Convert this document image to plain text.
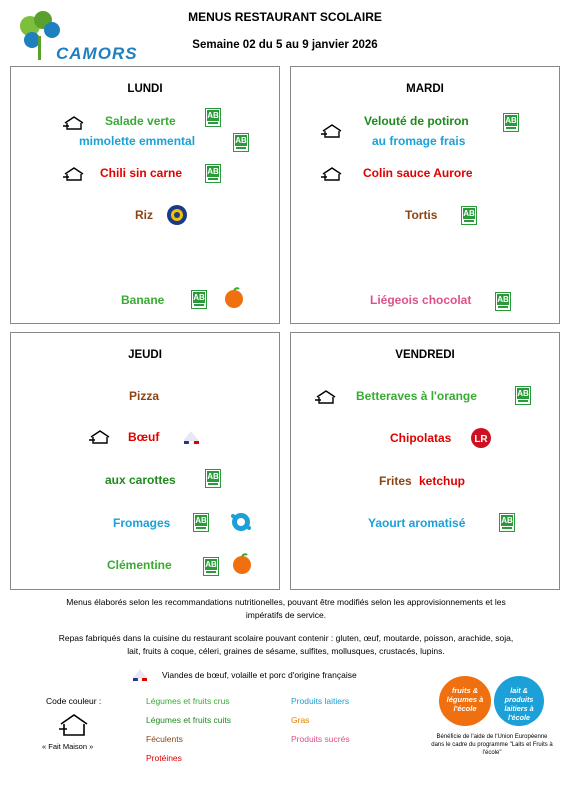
CAMORS
MENUS RESTAURANT SCOLAIRE
Semaine 02 du 5 au 9 janvier 2026
LUNDI
Salade verte	AB
mimolette emmental	AB
Chili sin carne	AB
Riz
Banane	AB
MARDI
Velouté de potiron	AB
au fromage frais
Colin sauce Aurore
Tortis	AB
Liégeois chocolat	AB
JEUDI
Pizza
Bœuf
aux carottes	AB
Fromages	AB
Clémentine	AB
VENDREDI
Betteraves à l'orange	AB
Chipolatas LR
Frites ketchup
Yaourt aromatisé	AB
Menus élaborés selon les recommandations nutritionelles, pouvant être modifiés selon les approvisionnements et les
impératifs de service.
Repas fabriqués dans la cuisine du restaurant scolaire pouvant contenir : gluten, œuf, moutarde, poisson, arachide, soja,
lait, fruits à coque, céleri, graines de sésame, sulfites, mollusques, crustacés, lupins.
Viandes de bœuf, volaille et porc d'origine française
Code couleur :
« Fait Maison »
Légumes et fruits crus
Légumes et fruits cuits
Féculents
Protéines
Produits laitiers
Gras
Produits sucrés
fruits & légumes à l'école
lait & produits laitiers à l'école
Bénéficie de l'aide de l'Union Européenne
dans le cadre du programme "Laits et Fruits à
l'école"
